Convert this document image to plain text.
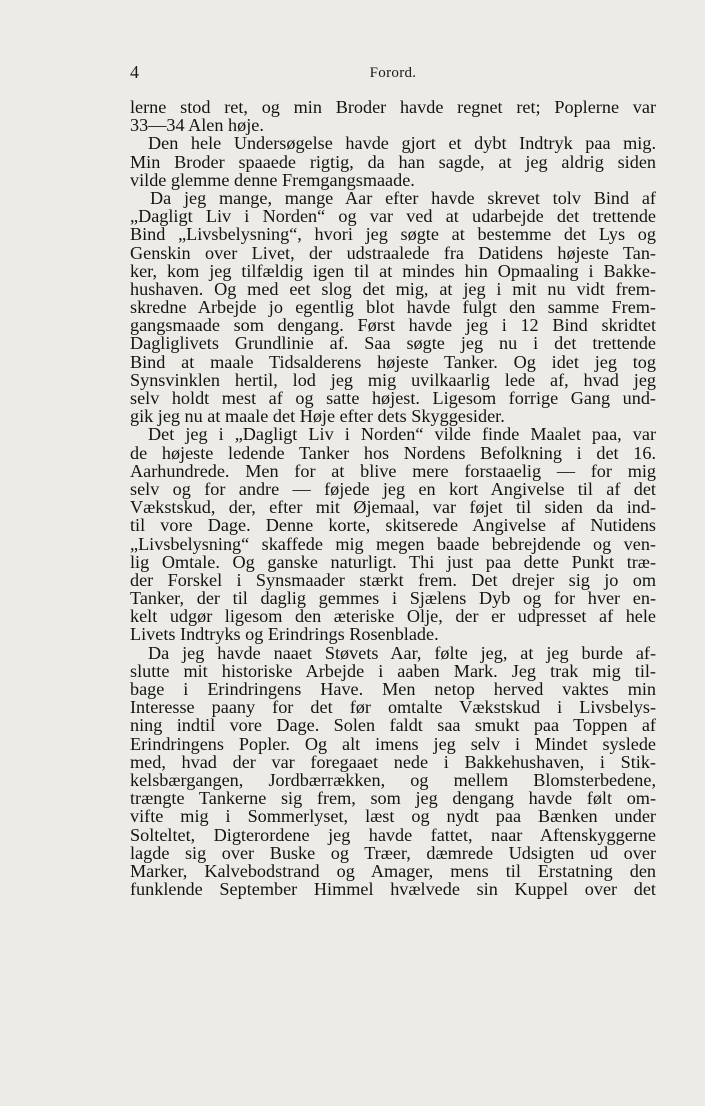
4	Forord.
lerne stod ret, og min Broder havde regnet ret; Poplerne var
33—34 Alen høje.
Den hele Undersøgelse havde gjort et dybt Indtryk paa mig.
Min Broder spaaede rigtig, da han sagde, at jeg aldrig siden
vilde glemme denne Fremgangsmaade.
Da jeg mange, mange Aar efter havde skrevet tolv Bind af
„Dagligt Liv i Norden“ og var ved at udarbejde det trettende
Bind „Livsbelysning“, hvori jeg søgte at bestemme det Lys og
Genskin over Livet, der udstraalede fra Datidens højeste Tan-
ker, kom jeg tilfældig igen til at mindes hin Opmaaling i Bakke-
hushaven. Og med eet slog det mig, at jeg i mit nu vidt frem-
skredne Arbejde jo egentlig blot havde fulgt den samme Frem-
gangsmaade som dengang. Først havde jeg i 12 Bind skridtet
Dagliglivets Grundlinie af. Saa søgte jeg nu i det trettende
Bind at maale Tidsalderens højeste Tanker. Og idet jeg tog
Synsvinklen hertil, lod jeg mig uvilkaarlig lede af, hvad jeg
selv holdt mest af og satte højest. Ligesom forrige Gang und-
gik jeg nu at maale det Høje efter dets Skyggesider.
Det jeg i „Dagligt Liv i Norden“ vilde finde Maalet paa, var
de højeste ledende Tanker hos Nordens Befolkning i det 16.
Aarhundrede. Men for at blive mere forstaaelig — for mig
selv og for andre — føjede jeg en kort Angivelse til af det
Vækstskud, der, efter mit Øjemaal, var føjet til siden da ind-
til vore Dage. Denne korte, skitserede Angivelse af Nutidens
„Livsbelysning“ skaffede mig megen baade bebrejdende og ven-
lig Omtale. Og ganske naturligt. Thi just paa dette Punkt træ-
der Forskel i Synsmaader stærkt frem. Det drejer sig jo om
Tanker, der til daglig gemmes i Sjælens Dyb og for hver en-
kelt udgør ligesom den æteriske Olje, der er udpresset af hele
Livets Indtryks og Erindrings Rosenblade.
Da jeg havde naaet Støvets Aar, følte jeg, at jeg burde af-
slutte mit historiske Arbejde i aaben Mark. Jeg trak mig til-
bage i Erindringens Have. Men netop herved vaktes min
Interesse paany for det før omtalte Vækstskud i Livsbelys-
ning indtil vore Dage. Solen faldt saa smukt paa Toppen af
Erindringens Popler. Og alt imens jeg selv i Mindet syslede
med, hvad der var foregaaet nede i Bakkehushaven, i Stik-
kelsbærgangen, Jordbærrækken, og mellem Blomsterbedene,
trængte Tankerne sig frem, som jeg dengang havde følt om-
vifte mig i Sommerlyset, læst og nydt paa Bænken under
Solteltet, Digterordene jeg havde fattet, naar Aftenskyggerne
lagde sig over Buske og Træer, dæmrede Udsigten ud over
Marker, Kalvebodstrand og Amager, mens til Erstatning den
funklende September Himmel hvælvede sin Kuppel over det
